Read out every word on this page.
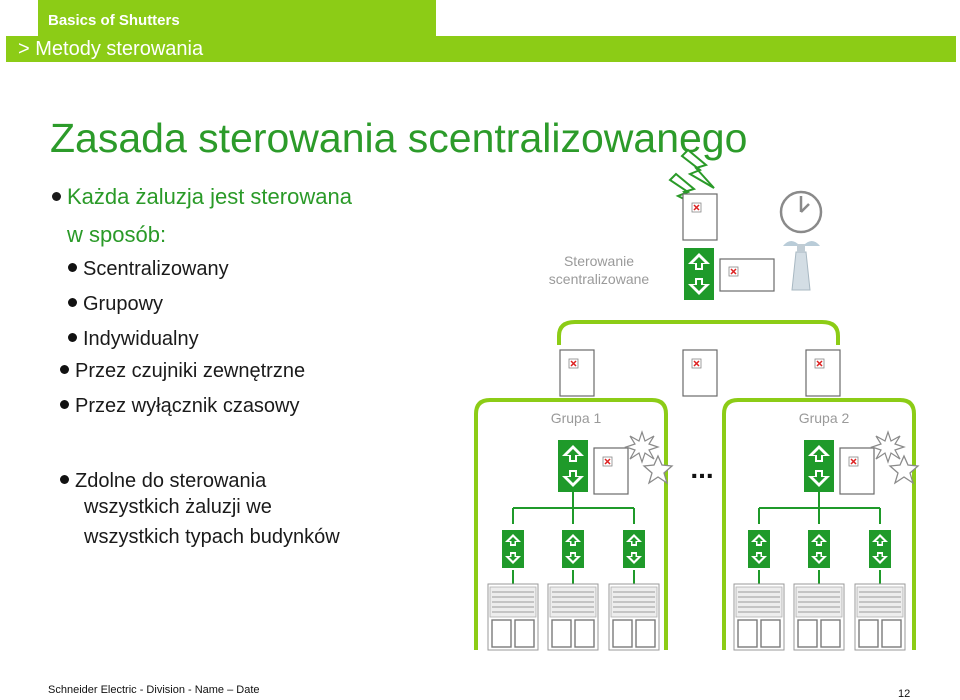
Basics of Shutters
> Metody sterowania
Zasada sterowania scentralizowanego
Każda żaluzja jest sterowana
w sposób:
Scentralizowany
Grupowy
Indywidualny
Przez czujniki zewnętrzne
Przez wyłącznik czasowy
Zdolne do sterowania
wszystkich żaluzji we
wszystkich typach budynków
Sterowanie
scentralizowane
Grupa 1	Grupa 2
...
Schneider Electric - Division - Name – Date	12
